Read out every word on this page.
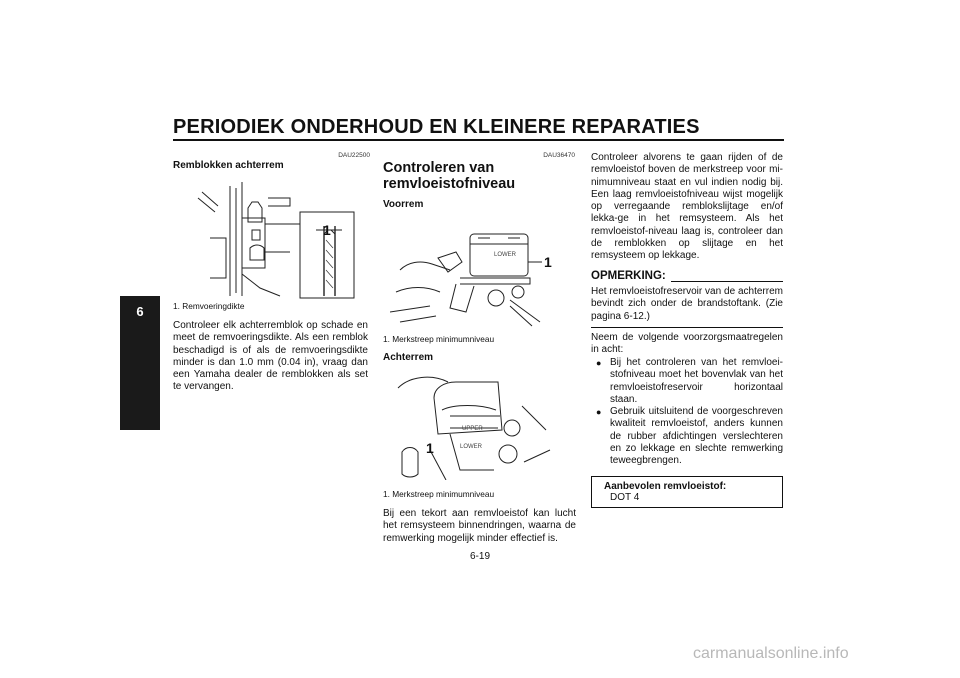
PERIODIEK ONDERHOUD EN KLEINERE REPARATIES
6
DAU22500
Remblokken achterrem
1
1. Remvoeringdikte
Controleer elk achterremblok op schade en meet de remvoeringsdikte. Als een remblok beschadigd is of als de remvoeringsdikte minder is dan 1.0 mm (0.04 in), vraag dan een Yamaha dealer de remblokken als set te vervangen.
DAU36470
Controleren van remvloeistofniveau
Voorrem
LOWER 1
1. Merkstreep minimumniveau
Achterrem
UPPER
LOWER
1
1. Merkstreep minimumniveau
Bij een tekort aan remvloeistof kan lucht het remsysteem binnendringen, waarna de remwerking mogelijk minder effectief is.
Controleer alvorens te gaan rijden of de remvloeistof boven de merkstreep voor mi-nimumniveau staat en vul indien nodig bij. Een laag remvloeistofniveau wijst mogelijk op verregaande remblokslijtage en/of lekka-ge in het remsysteem. Als het remvloeistof-niveau laag is, controleer dan de remblokken op slijtage en het remsysteem op lekkage.
OPMERKING:
Het remvloeistofreservoir van de achterrem bevindt zich onder de brandstoftank. (Zie pagina 6-12.)
Neem de volgende voorzorgsmaatregelen in acht:
● Bij het controleren van het remvloei-stofniveau moet het bovenvlak van het remvloeistofreservoir horizontaal staan.
● Gebruik uitsluitend de voorgeschreven kwaliteit remvloeistof, anders kunnen de rubber afdichtingen verslechteren en zo lekkage en slechte remwerking teweegbrengen.
Aanbevolen remvloeistof:
DOT 4
6-19
carmanualsonline.info
